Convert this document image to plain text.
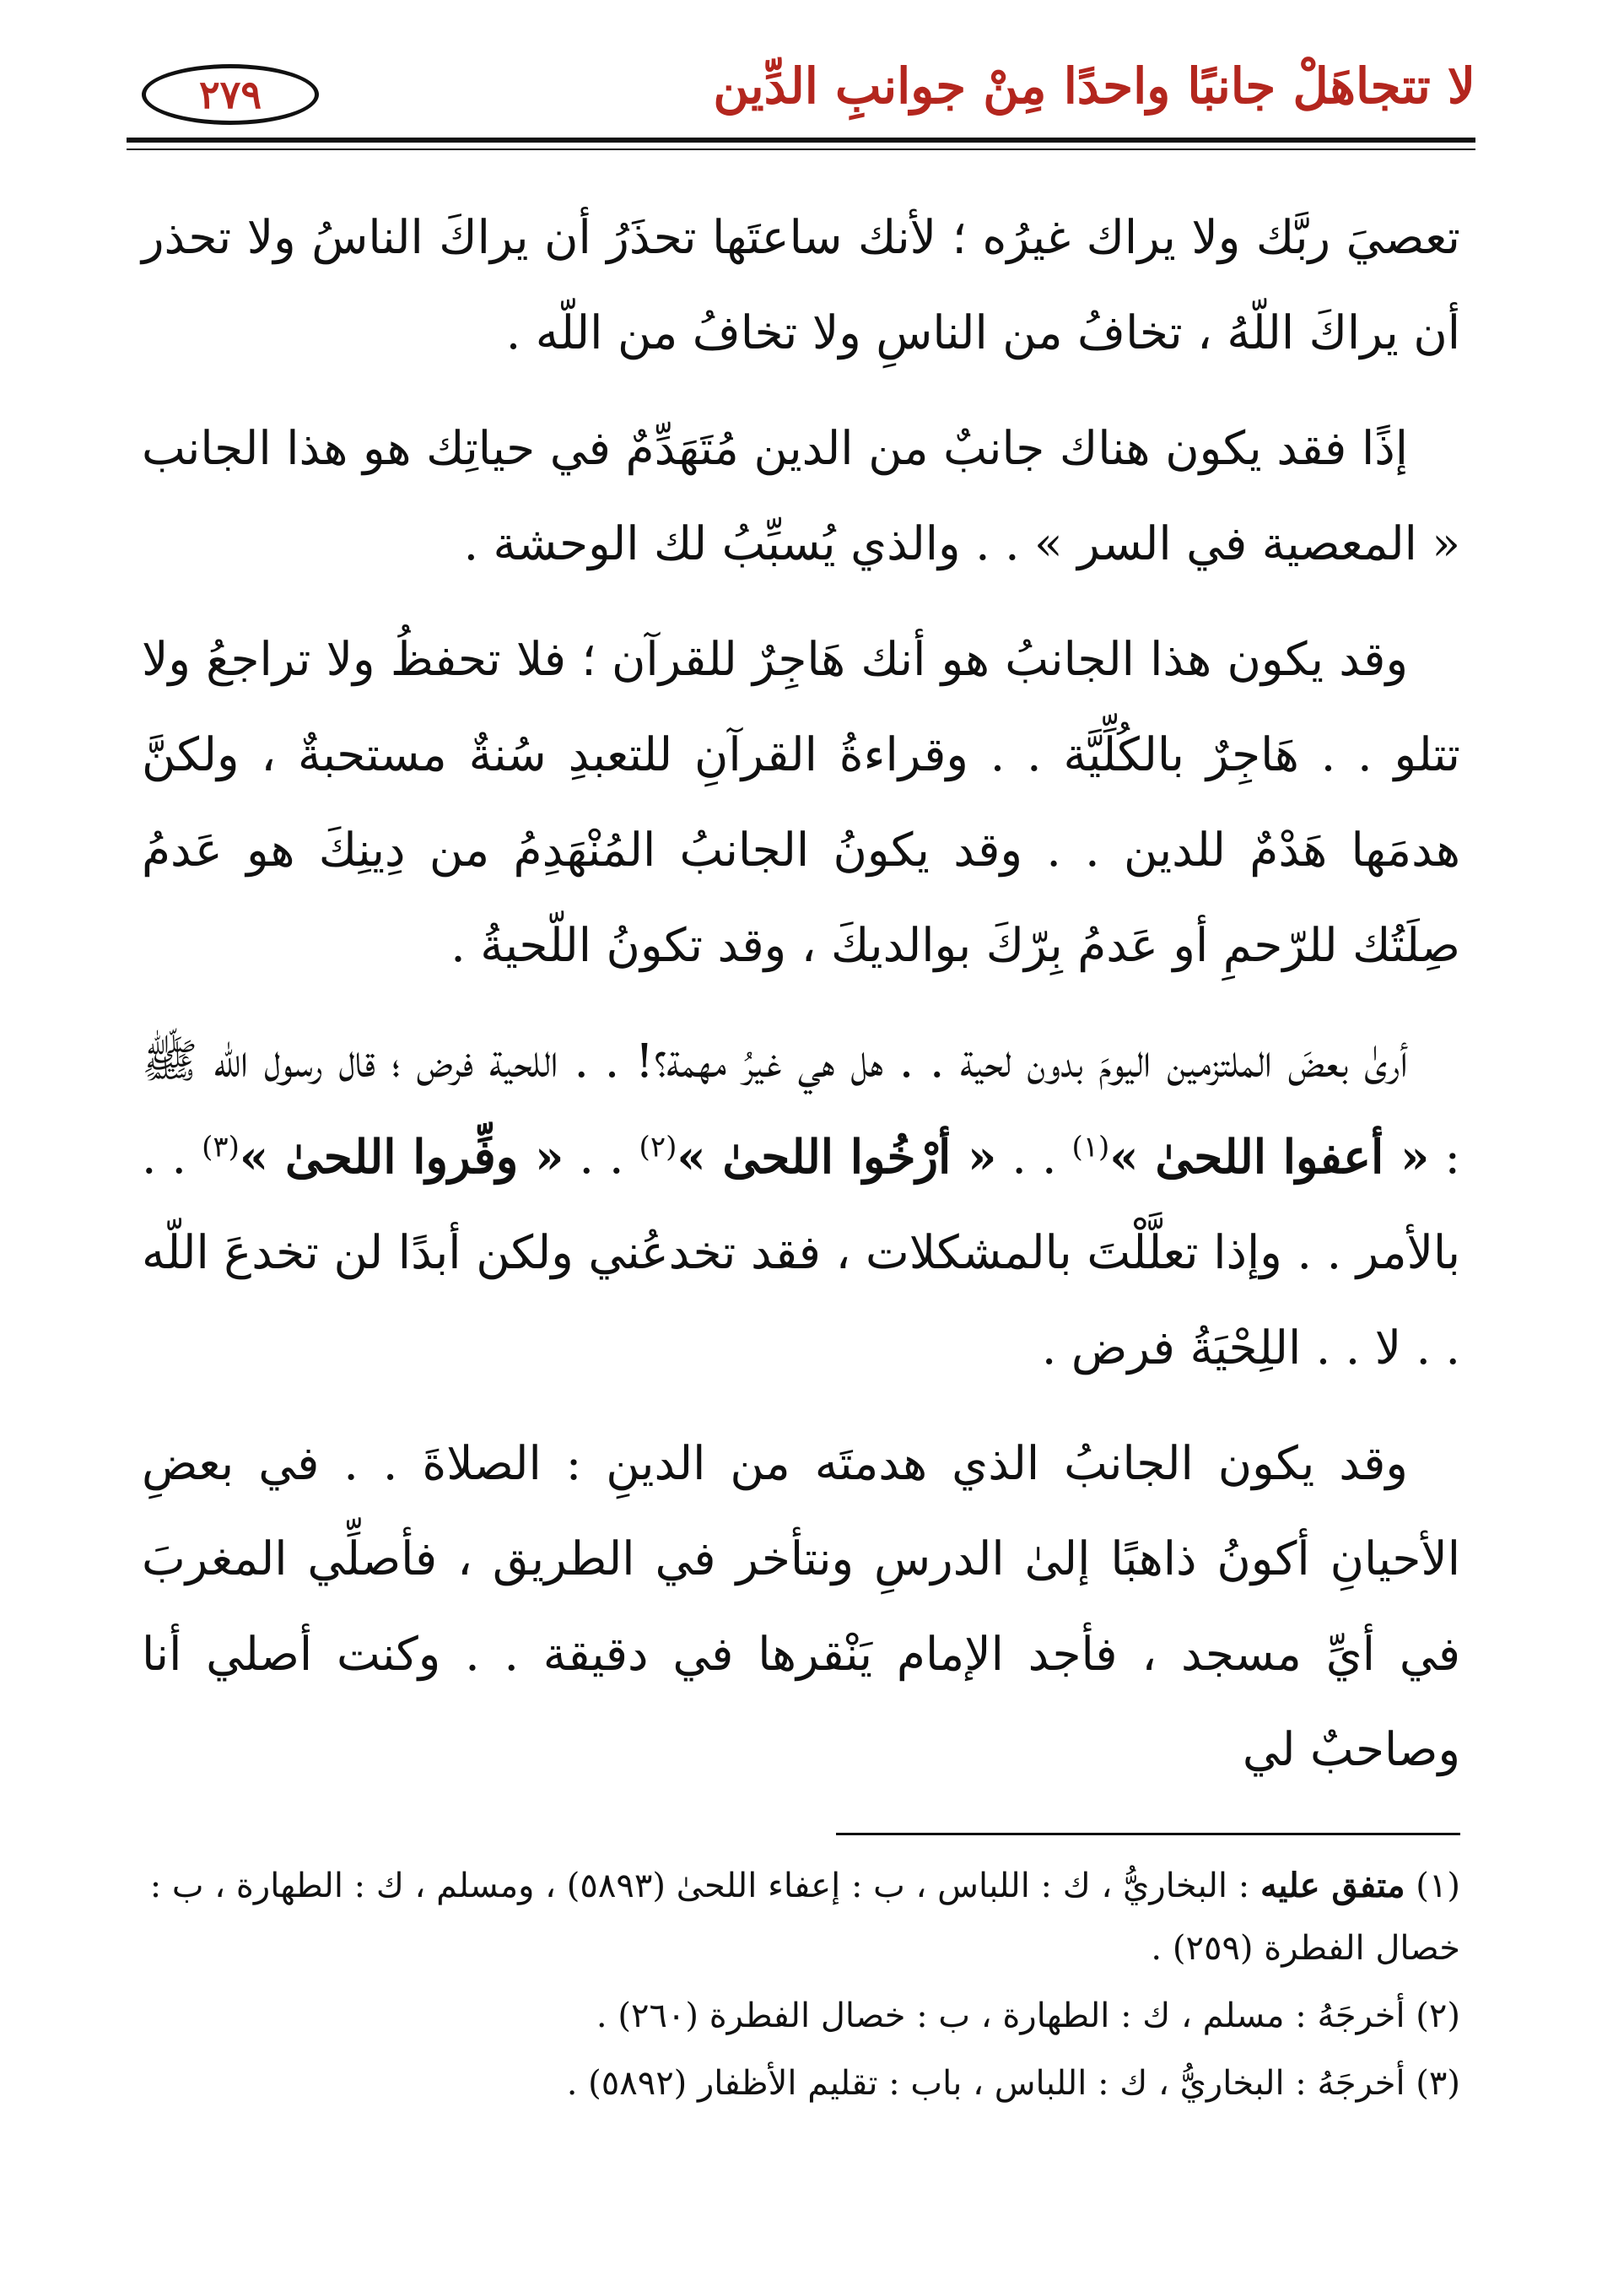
لا تتجاهَلْ جانبًا واحدًا مِنْ جوانبِ الدِّين
٢٧٩

تعصيَ ربَّك ولا يراك غيرُه ؛ لأنك ساعتَها تحذَرُ أن يراكَ الناسُ ولا تحذر أن يراكَ اللّهُ ، تخافُ من الناسِ ولا تخافُ من اللّه .

إذًا فقد يكون هناك جانبٌ من الدين مُتَهَدِّمٌ في حياتِك هو هذا الجانب « المعصية في السر » . . والذي يُسبِّبُ لك الوحشة .

وقد يكون هذا الجانبُ هو أنك هَاجِرٌ للقرآن ؛ فلا تحفظُ ولا تراجعُ ولا تتلو . . هَاجِرٌ بالكُلِّيَّة . . وقراءةُ القرآنِ للتعبدِ سُنةٌ مستحبةٌ ، ولكنَّ هدمَها هَدْمٌ للدين . . وقد يكونُ الجانبُ المُنْهَدِمُ من دِينِكَ هو عَدمُ صِلَتُك للرّحمِ أو عَدمُ بِرّكَ بوالديكَ ، وقد تكونُ اللّحيةُ .

أرىٰ بعضَ الملتزمين اليومَ بدون لحية . . هل هي غيرُ مهمة؟! . . اللحية فرض ؛ قال رسول اللّه ﷺ : « أعفوا اللحىٰ »$^{(١)}$ . . « أرْخُوا اللحىٰ »$^{(٢)}$ . . « وفِّروا اللحىٰ »$^{(٣)}$ . . بالأمر . . وإذا تعلَّلْتَ بالمشكلات ، فقد تخدعُني ولكن أبدًا لن تخدعَ اللّه . . لا . . اللِحْيَةُ فرض .

وقد يكون الجانبُ الذي هدمتَه من الدينِ : الصلاةَ . . في بعضِ الأحيانِ أكونُ ذاهبًا إلىٰ الدرسِ ونتأخر في الطريق ، فأصلِّي المغربَ في أيِّ مسجد ، فأجد الإمام يَنْقرها في دقيقة . . وكنت أصلي أنا وصاحبٌ لي

(١) متفق عليه : البخاريُّ ، ك : اللباس ، ب : إعفاء اللحىٰ (٥٨٩٣) ، ومسلم ، ك : الطهارة ، ب : خصال الفطرة (٢٥٩) .

(٢) أخرجَهُ : مسلم ، ك : الطهارة ، ب : خصال الفطرة (٢٦٠) .

(٣) أخرجَهُ : البخاريُّ ، ك : اللباس ، باب : تقليم الأظفار (٥٨٩٢) .
